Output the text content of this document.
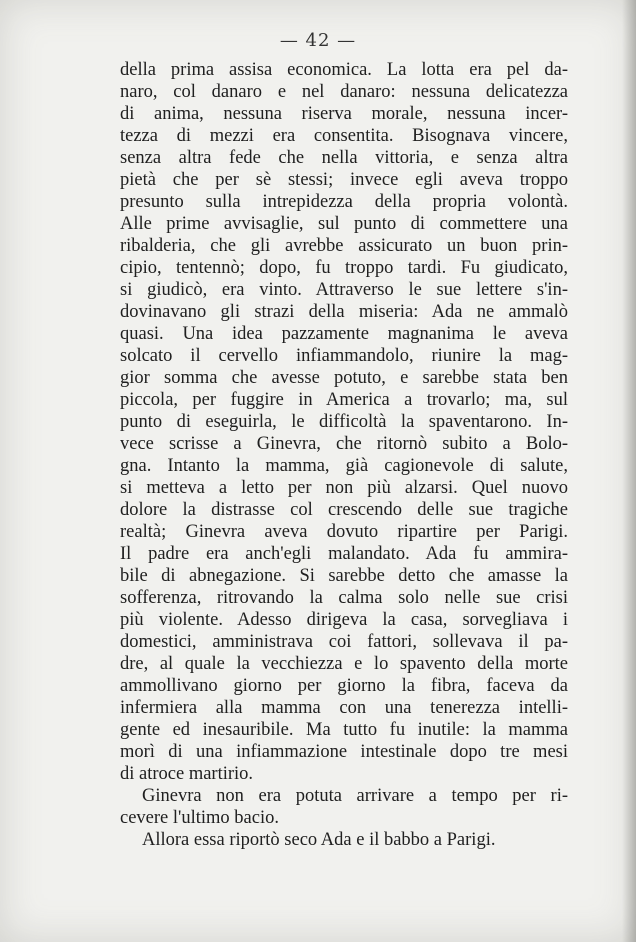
— 42 —
della prima assisa economica. La lotta era pel da-
naro, col danaro e nel danaro: nessuna delicatezza
di anima, nessuna riserva morale, nessuna incer-
tezza di mezzi era consentita. Bisognava vincere,
senza altra fede che nella vittoria, e senza altra
pietà che per sè stessi; invece egli aveva troppo
presunto sulla intrepidezza della propria volontà.
Alle prime avvisaglie, sul punto di commettere una
ribalderia, che gli avrebbe assicurato un buon prin-
cipio, tentennò; dopo, fu troppo tardi. Fu giudicato,
si giudicò, era vinto. Attraverso le sue lettere s'in-
dovinavano gli strazi della miseria: Ada ne ammalò
quasi. Una idea pazzamente magnanima le aveva
solcato il cervello infiammandolo, riunire la mag-
gior somma che avesse potuto, e sarebbe stata ben
piccola, per fuggire in America a trovarlo; ma, sul
punto di eseguirla, le difficoltà la spaventarono. In-
vece scrisse a Ginevra, che ritornò subito a Bolo-
gna. Intanto la mamma, già cagionevole di salute,
si metteva a letto per non più alzarsi. Quel nuovo
dolore la distrasse col crescendo delle sue tragiche
realtà; Ginevra aveva dovuto ripartire per Parigi.
Il padre era anch'egli malandato. Ada fu ammira-
bile di abnegazione. Si sarebbe detto che amasse la
sofferenza, ritrovando la calma solo nelle sue crisi
più violente. Adesso dirigeva la casa, sorvegliava i
domestici, amministrava coi fattori, sollevava il pa-
dre, al quale la vecchiezza e lo spavento della morte
ammollivano giorno per giorno la fibra, faceva da
infermiera alla mamma con una tenerezza intelli-
gente ed inesauribile. Ma tutto fu inutile: la mamma
morì di una infiammazione intestinale dopo tre mesi
di atroce martirio.
Ginevra non era potuta arrivare a tempo per ri-
cevere l'ultimo bacio.
Allora essa riportò seco Ada e il babbo a Parigi.
